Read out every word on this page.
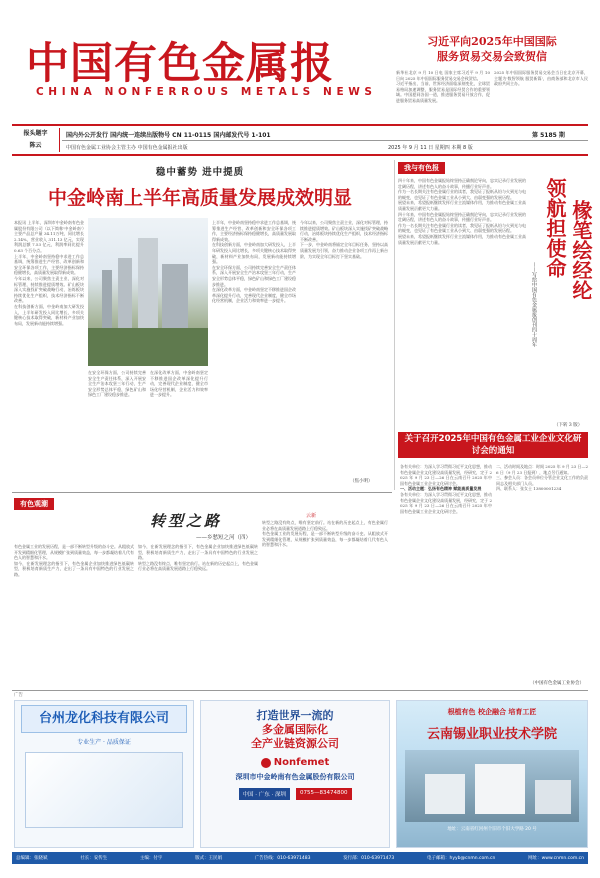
中国有色金属报
CHINA NONFERROUS METALS NEWS
习近平向2025年中国国际
服务贸易交易会致贺信

新华社北京 9 月 10 日电 国家主席习近平 9 月 10 日向 2025 年中国国际服务贸易交易会致贺信。

习近平指出，当前，世界经济面临深刻变化，全球贸易格局加速调整，服务贸易是国际经贸合作的重要领域。中国愿同各国一道，推进服务贸易开放合作，促进服务贸易高质量发展。

2025 年中国国际服务贸易交易会当日在北京开幕，主题为'数智领航 服贸新篇'，由商务部和北京市人民政府共同主办。

报头题字
陈云
国内外公开发行 国内统一连续出版物号 CN 11-0115 国内邮发代号 1-101	第 5185 期
中国有色金属工业协会主管主办 中国有色金属报社出版	2025 年 9 月 11 日 星期四 本期 8 版
稳中蓄势 进中提质
中金岭南上半年高质量发展成效明显

本报讯 上半年，深圳市中金岭南有色金属股份有限公司（以下简称'中金岭南'）主要产品总产量 34.11万吨，同比增长 2.14%，营业收入 311.13 亿元，实现利润总额 7.53 亿元，利润率同比提升 0.63 个百分点。

上半年，中金岭南坚持稳中求进工作总基调，统筹推进生产经营、改革创新和安全环保各项工作，主要经济指标保持稳健增长，高质量发展取得新成效。

今年以来，公司聚焦主责主业，深化对标管理，持续推进提质增效。矿山板块深入实施找矿突破战略行动，冶炼板块持续优化生产组织，技术经济指标不断改善。

在科技创新方面，中金岭南加大研发投入，上半年研发投入同比增长，多项关键核心技术取得突破，新材料产业加快布局，发展新动能持续增强。

在安全环保方面，公司持续完善安全生产责任体系，深入开展安全生产治本攻坚三年行动，生产安全形势总体平稳，绿色矿山和绿色工厂建设稳步推进。

在深化改革方面，中金岭南坚定不移推进国企改革深化提升行动，完善现代企业制度，健全市场化经营机制，企业活力和效率进一步提升。

上半年，中金岭南坚持稳中求进工作总基调，统筹推进生产经营、改革创新和安全环保各项工作，主要经济指标保持稳健增长，高质量发展取得新成效。

在科技创新方面，中金岭南加大研发投入，上半年研发投入同比增长，多项关键核心技术取得突破，新材料产业加快布局，发展新动能持续增强。

在安全环保方面，公司持续完善安全生产责任体系，深入开展安全生产治本攻坚三年行动，生产安全形势总体平稳，绿色矿山和绿色工厂建设稳步推进。

在深化改革方面，中金岭南坚定不移推进国企改革深化提升行动，完善现代企业制度，健全市场化经营机制，企业活力和效率进一步提升。

今年以来，公司聚焦主责主业，深化对标管理，持续推进提质增效。矿山板块深入实施找矿突破战略行动，冶炼板块持续优化生产组织，技术经济指标不断改善。

下一步，中金岭南将锚定全年目标任务，坚持以高质量发展为引领，奋力推动企业各项工作再上新台阶，为实现全年目标打下坚实基础。

（焦小明）
我与有色报

四十年来，中国有色金属报始终坚持正确舆论导向，忠实记录行业发展的壮阔历程，讲述有色人的奋斗故事，传播行业好声音。

作为一名长期关注有色金属行业的读者，我见证了报纸从铅与火到光与电的蜕变，也见证了有色金属工业从小到大、由弱变强的发展历程。

展望未来，希望报纸继续发挥行业主流媒体作用，为推动有色金属工业高质量发展贡献更大力量。

四十年来，中国有色金属报始终坚持正确舆论导向，忠实记录行业发展的壮阔历程，讲述有色人的奋斗故事，传播行业好声音。

作为一名长期关注有色金属行业的读者，我见证了报纸从铅与火到光与电的蜕变，也见证了有色金属工业从小到大、由弱变强的发展历程。

展望未来，希望报纸继续发挥行业主流媒体作用，为推动有色金属工业高质量发展贡献更大力量。	领航担使命 椽笔绘经纶
——写给中国有色金属报创刊四十周年
（下转 3 版）
关于召开2025年中国有色金属工业企业文化研讨会的通知

各有关单位：为深入学习贯彻习近平文化思想，推动有色金属企业文化建设高质量发展，经研究，定于 2025 年 9 月 23 日—26 日在云南召开 2025 年中国有色金属工业企业文化研讨会。

一、活动主题：弘扬有色精神 赋能高质量发展

各有关单位：为深入学习贯彻习近平文化思想，推动有色金属企业文化建设高质量发展，经研究，定于 2025 年 9 月 23 日—26 日在云南召开 2025 年中国有色金属工业企业文化研讨会。

二、活动时间及地点：时间 2025 年 9 月 23 日—26 日（9 月 23 日报到），地点另行通知。

三、参会人员：各会员单位分管企业文化工作的负责同志及相关部门人员。

四、联系人：张女士 13800001234

（中国有色金属工业协会）
有色观潮
转型之路
——乡愁短之河（四）
云新

有色金属工业的发展历程，是一部不断转型升级的奋斗史。从粗放式开发到精细化管理，从规模扩张到质量效益，每一步都凝结着几代有色人的智慧和汗水。

如今，在新发展理念的指引下，有色金属企业加快推进绿色低碳转型，积极培育新质生产力，走出了一条具有中国特色的行业发展之路。

如今，在新发展理念的指引下，有色金属企业加快推进绿色低碳转型，积极培育新质生产力，走出了一条具有中国特色的行业发展之路。

转型之路没有终点，唯有坚定前行。站在新的历史起点上，有色金属行业必将在高质量发展道路上行稳致远。

转型之路没有终点，唯有坚定前行。站在新的历史起点上，有色金属行业必将在高质量发展道路上行稳致远。

有色金属工业的发展历程，是一部不断转型升级的奋斗史。从粗放式开发到精细化管理，从规模扩张到质量效益，每一步都凝结着几代有色人的智慧和汗水。

广告
台州龙化科技有限公司
专业生产 · 品质保证
打造世界一流的
多金属国际化
全产业链资源公司
Nonfemet
深圳市中金岭南有色金属股份有限公司
中国 · 广东 · 深圳	0755—83474800
根植有色 校企融合 培育工匠
云南锡业职业技术学院
地址：云南省红河州个旧市个旧大学路 20 号
总编辑：张晓斌	社长：安传生	主编：付宇	版式：王民娟	广告热线：010-63971483	发行部：010-63971473	电子邮箱：hyyb@cnmn.com.cn	网址：www.cnmn.com.cn
